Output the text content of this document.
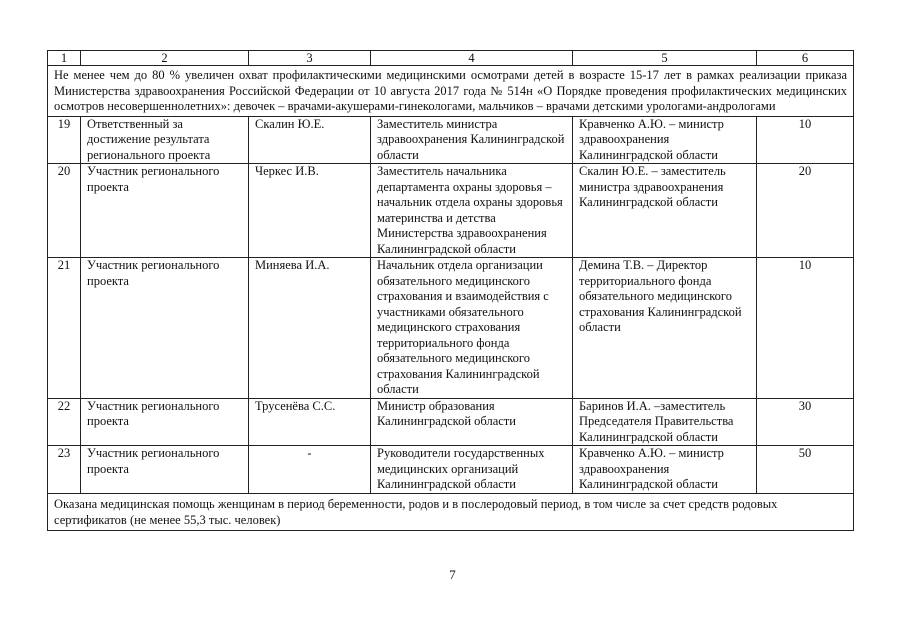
1	2	3	4	5	6
Не менее чем до 80 % увеличен охват профилактическими медицинскими осмотрами детей в возрасте 15-17 лет в рамках реализации приказа Министерства здравоохранения Российской Федерации от 10 августа 2017 года № 514н «О Порядке проведения профилактических медицинских осмотров несовершеннолетних»: девочек – врачами-акушерами-гинекологами, мальчиков – врачами детскими урологами-андрологами					
19	Ответственный за достижение результата регионального проекта	Скалин Ю.Е.	Заместитель министра здравоохранения Калининградской области	Кравченко А.Ю. – министр здравоохранения Калининградской области	10
20	Участник регионального проекта	Черкес И.В.	Заместитель начальника департамента охраны здоровья – начальник отдела охраны здоровья материнства и детства Министерства здравоохранения Калининградской области	Скалин Ю.Е. – заместитель министра здравоохранения Калининградской области	20
21	Участник регионального проекта	Миняева И.А.	Начальник отдела организации обязательного медицинского страхования и взаимодействия с участниками обязательного медицинского страхования территориального фонда обязательного медицинского страхования Калининградской области	Демина Т.В. – Директор территориального фонда обязательного медицинского страхования Калининградской области	10
22	Участник регионального проекта	Трусенёва С.С.	Министр образования Калининградской области	Баринов И.А. –заместитель Председателя Правительства Калининградской области	30
23	Участник регионального проекта	-	Руководители государственных медицинских организаций Калининградской области	Кравченко А.Ю. – министр здравоохранения Калининградской области	50
Оказана медицинская помощь женщинам в период беременности, родов и в послеродовый период, в том числе за счет средств родовых сертификатов (не менее 55,3 тыс. человек)					
7
